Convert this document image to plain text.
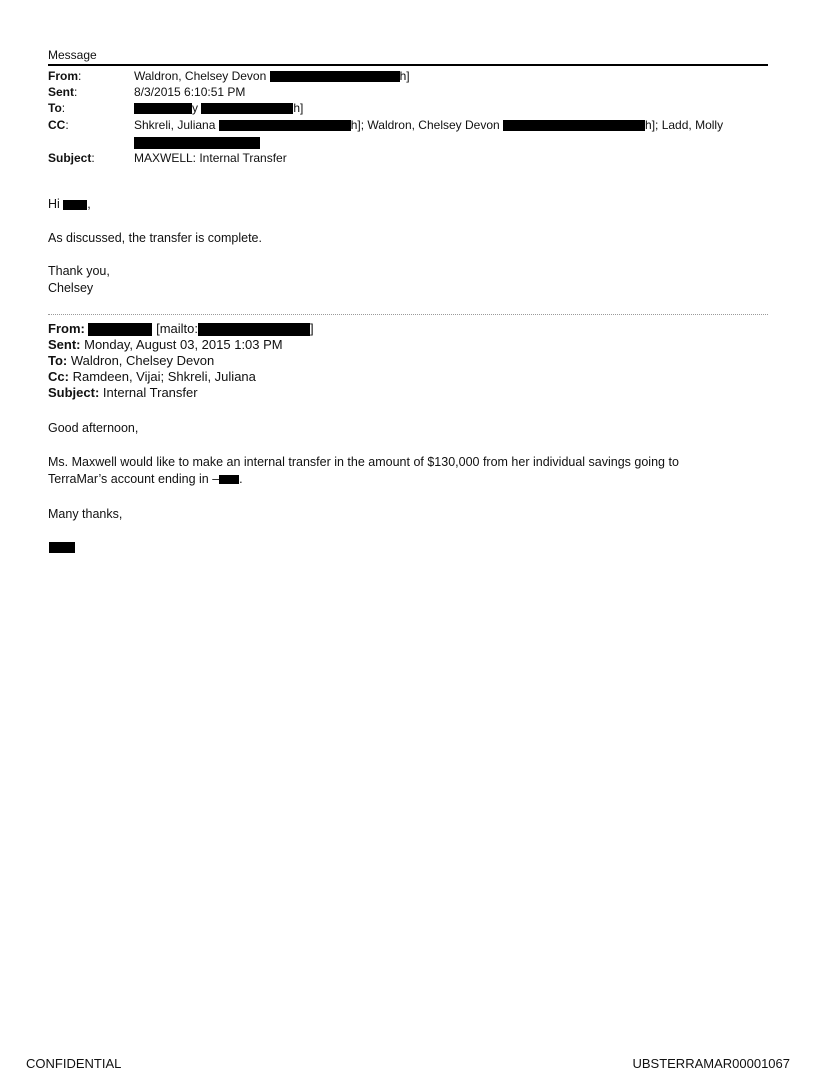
Message
From:	Waldron, Chelsey Devon	h]
Sent:	8/3/2015 6:10:51 PM
To:	y	h]
CC:	Shkreli, Juliana	h]; Waldron, Chelsey Devon	h]; Ladd, Molly
Subject:	MAXWELL: Internal Transfer
Hi ,
As discussed, the transfer is complete.
Thank you,
Chelsey
From:	[mailto:	]
Sent: Monday, August 03, 2015 1:03 PM
To: Waldron, Chelsey Devon
Cc: Ramdeen, Vijai; Shkreli, Juliana
Subject: Internal Transfer
Good afternoon,
Ms. Maxwell would like to make an internal transfer in the amount of $130,000 from her individual savings going to
TerraMar’s account ending in – .
Many thanks,
CONFIDENTIAL	UBSTERRAMAR00001067
